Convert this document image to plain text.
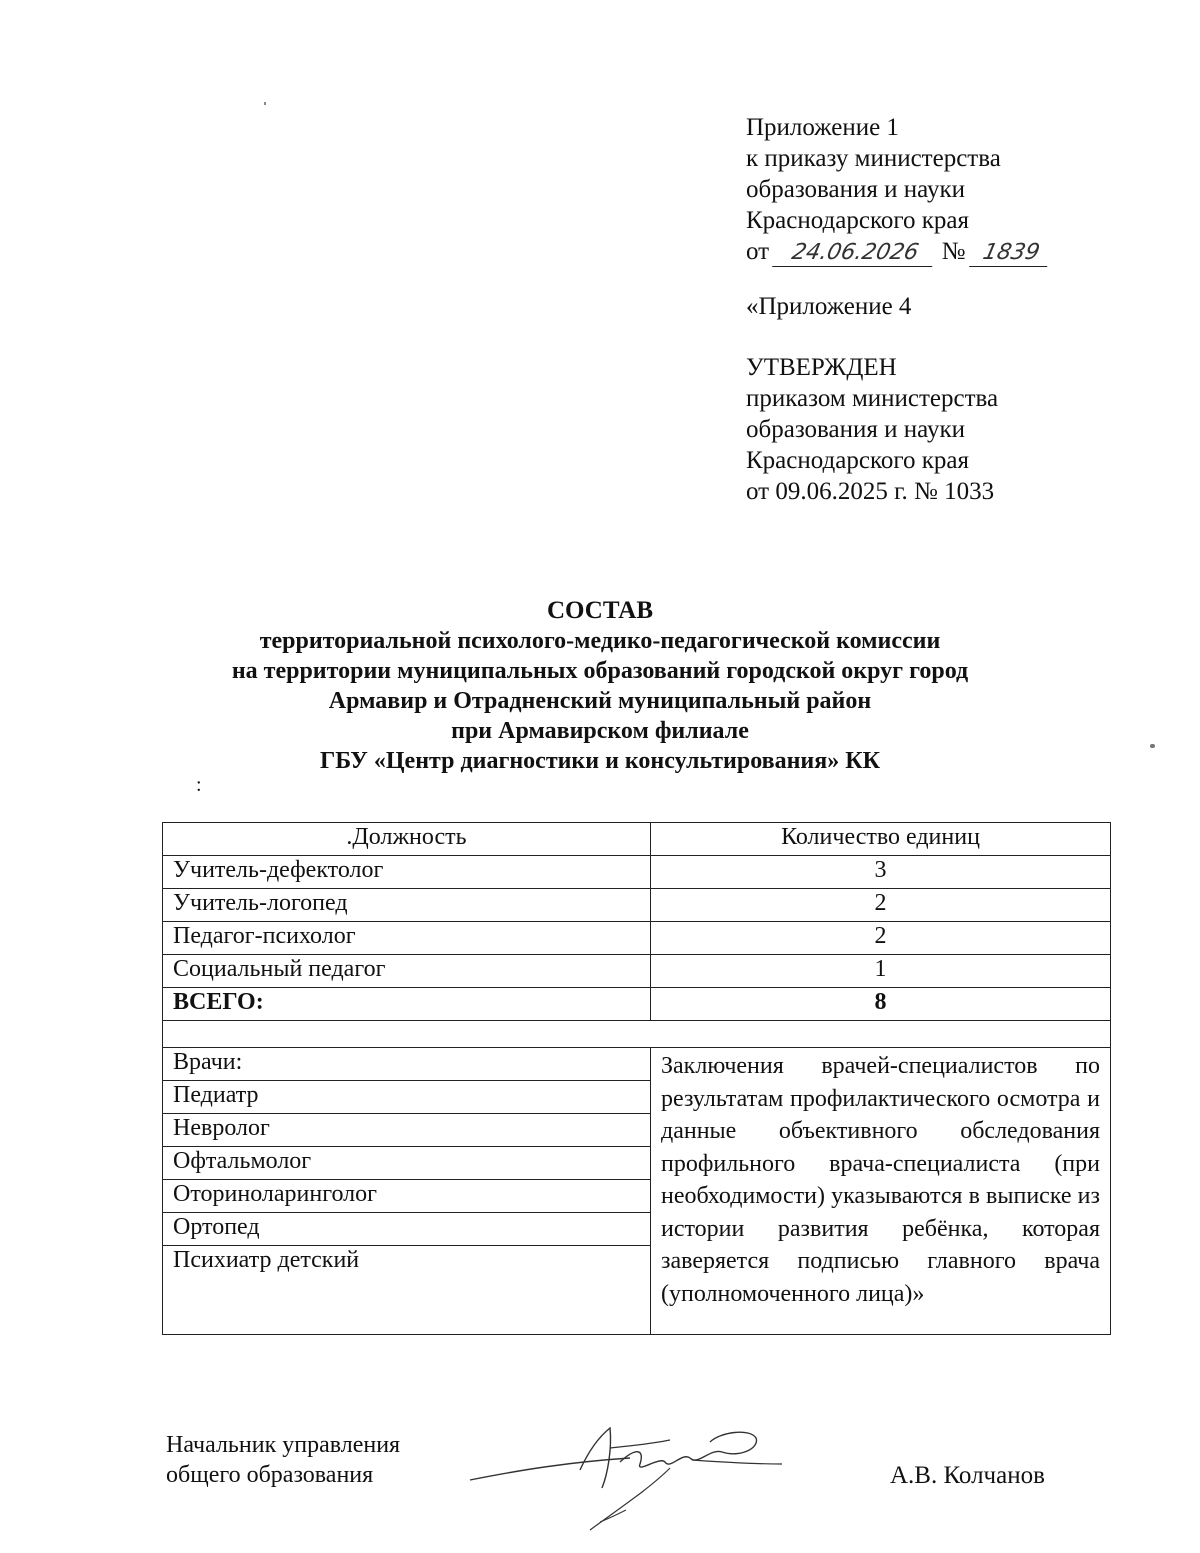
Приложение 1
к приказу министерства
образования и науки
Краснодарского края
от 24.06.2026 № 1839
«Приложение 4
УТВЕРЖДЕН
приказом министерства
образования и науки
Краснодарского края
от 09.06.2025 г. № 1033
СОСТАВ
территориальной психолого-медико-педагогической комиссии
на территории муниципальных образований городской округ город
Армавир и Отрадненский муниципальный район
при Армавирском филиале
ГБУ «Центр диагностики и консультирования» КК
:
.Должность	Количество единиц
Учитель-дефектолог	3
Учитель-логопед	2
Педагог-психолог	2
Социальный педагог	1
ВСЕГО:	8

Врачи:	Заключения врачей-специалистов по результатам профилактического осмотра и данные объективного обследования профильного врача-специалиста (при необходимости) указываются в выписке из истории развития ребёнка, которая заверяется подписью главного врача (уполномоченного лица)»
Педиатр	
Невролог	
Офтальмолог	
Оториноларинголог	
Ортопед	
Психиатр детский	
Начальник управления
общего образования	А.В. Колчанов
